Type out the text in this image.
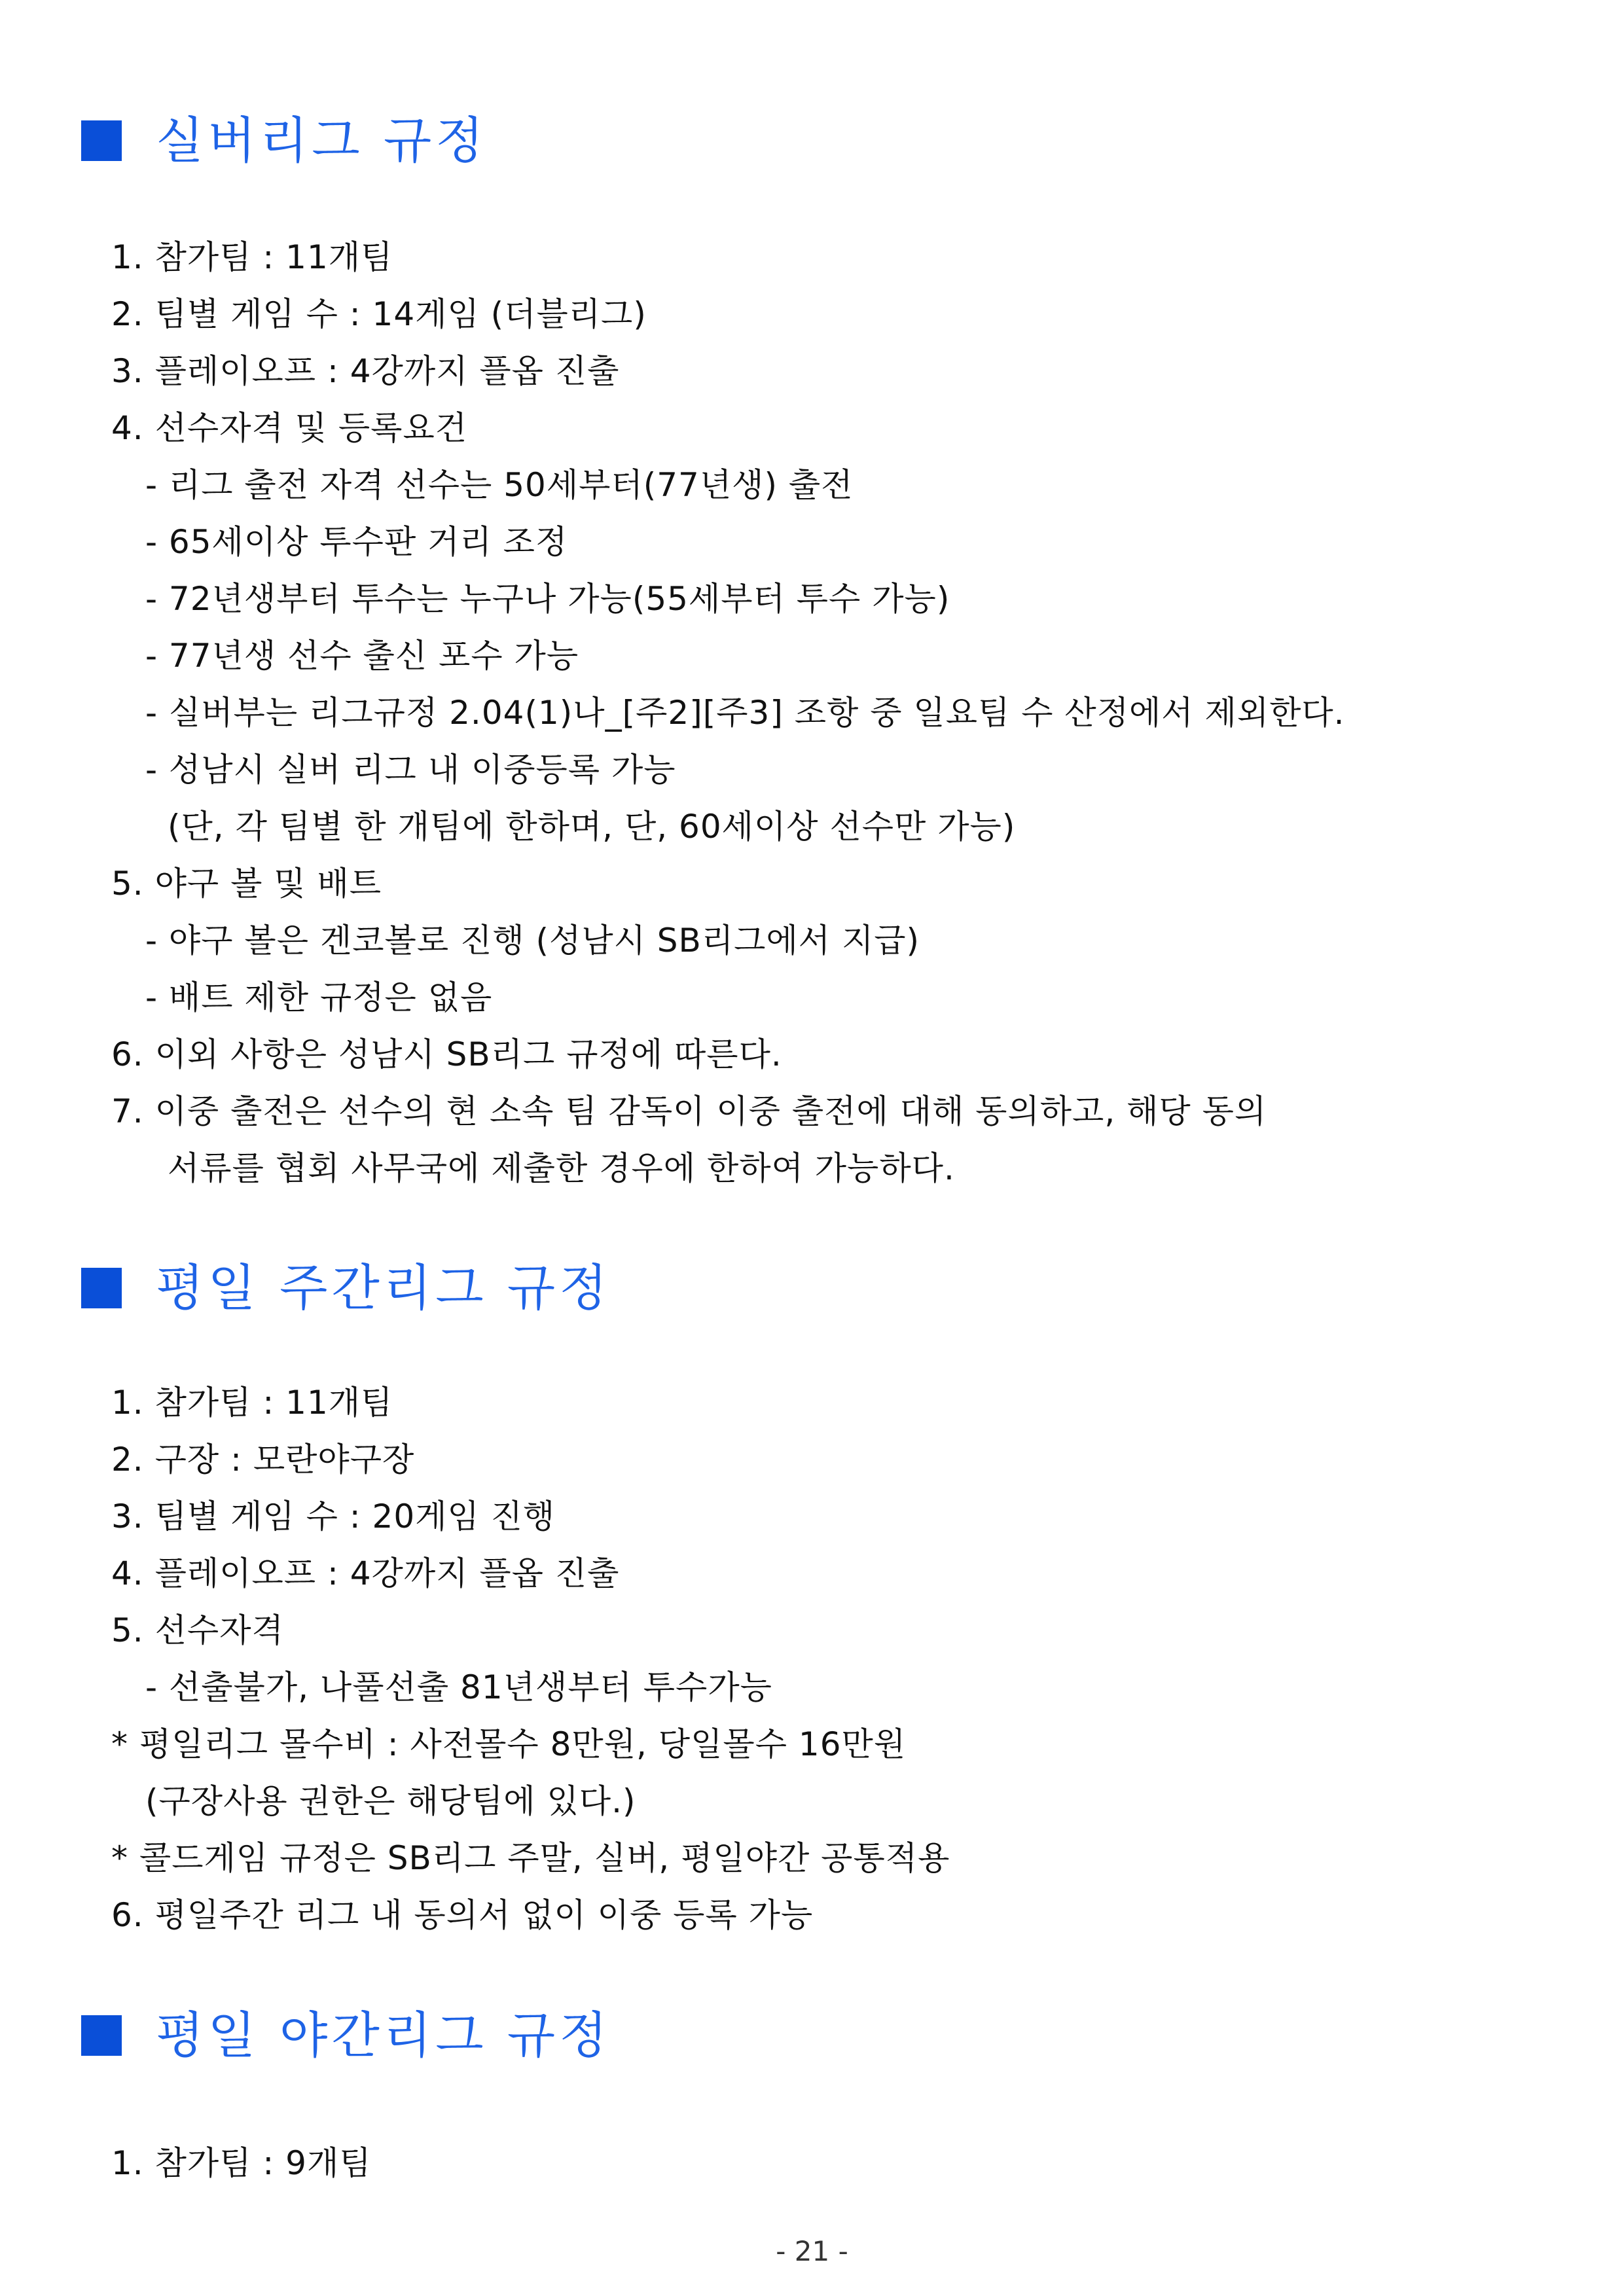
실버리그 규정
1. 참가팀 : 11개팀
2. 팀별 게임 수 : 14게임 (더블리그)
3. 플레이오프 : 4강까지 플옵 진출
4. 선수자격 및 등록요건
- 리그 출전 자격 선수는 50세부터(77년생) 출전
- 65세이상 투수판 거리 조정
- 72년생부터 투수는 누구나 가능(55세부터 투수 가능)
- 77년생 선수 출신 포수 가능
- 실버부는 리그규정 2.04(1)나_[주2][주3] 조항 중 일요팀 수 산정에서 제외한다.
- 성남시 실버 리그 내 이중등록 가능
(단, 각 팀별 한 개팀에 한하며, 단, 60세이상 선수만 가능)
5. 야구 볼 및 배트
- 야구 볼은 겐코볼로 진행 (성남시 SB리그에서 지급)
- 배트 제한 규정은 없음
6. 이외 사항은 성남시 SB리그 규정에 따른다.
7. 이중 출전은 선수의 현 소속 팀 감독이 이중 출전에 대해 동의하고, 해당 동의
서류를 협회 사무국에 제출한 경우에 한하여 가능하다.
평일 주간리그 규정
1. 참가팀 : 11개팀
2. 구장 : 모란야구장
3. 팀별 게임 수 : 20게임 진행
4. 플레이오프 : 4강까지 플옵 진출
5. 선수자격
- 선출불가, 나풀선출 81년생부터 투수가능
* 평일리그 몰수비 : 사전몰수 8만원, 당일몰수 16만원
(구장사용 권한은 해당팀에 있다.)
* 콜드게임 규정은 SB리그 주말, 실버, 평일야간 공통적용
6. 평일주간 리그 내 동의서 없이 이중 등록 가능
평일 야간리그 규정
1. 참가팀 : 9개팀
- 21 -
